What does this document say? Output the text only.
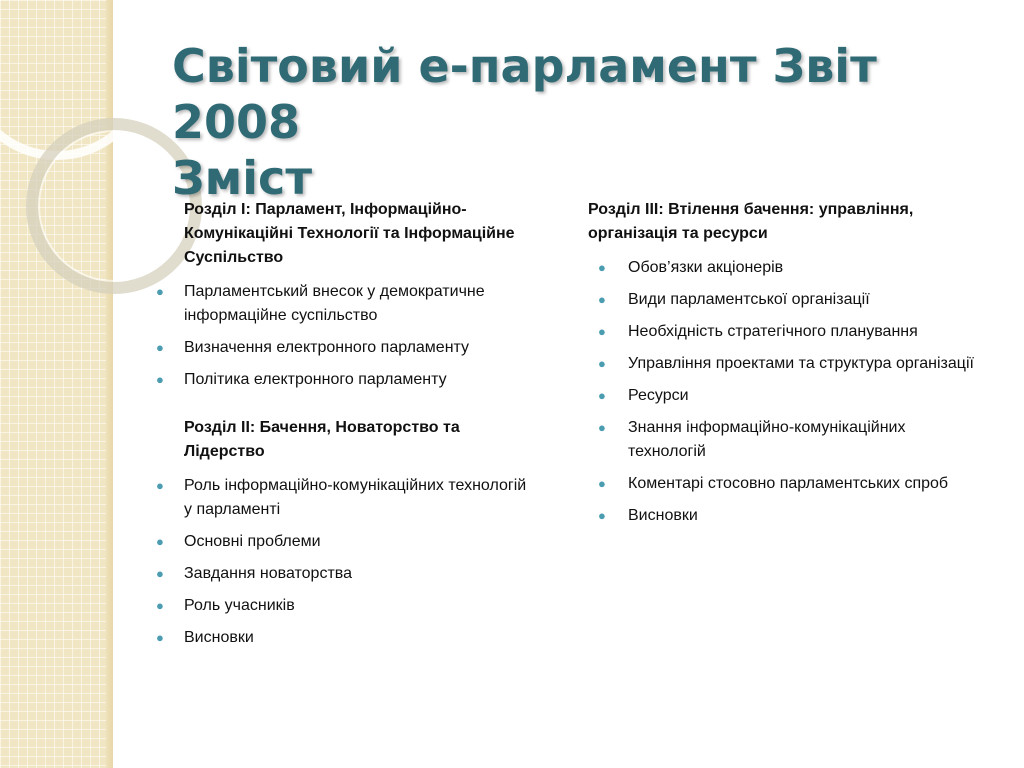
Світовий е-парламент Звіт 2008
Зміст
Розділ I: Парламент, Інформаційно-Комунікаційні Технології та Інформаційне Суспільство
● Парламентський внесок у демократичне інформаційне суспільство
● Визначення електронного парламенту
● Політика електронного парламенту
Розділ II: Бачення, Новаторство та Лідерство
● Роль інформаційно-комунікаційних технологій у парламенті
● Основні проблеми
● Завдання новаторства
● Роль учасників
● Висновки
Розділ III: Втілення бачення: управління, організація та ресурси
● Обов’язки акціонерів
● Види парламентської організації
● Необхідність стратегічного планування
● Управління проектами та структура організації
● Ресурси
● Знання інформаційно-комунікаційних технологій
● Коментарі стосовно парламентських спроб
● Висновки
